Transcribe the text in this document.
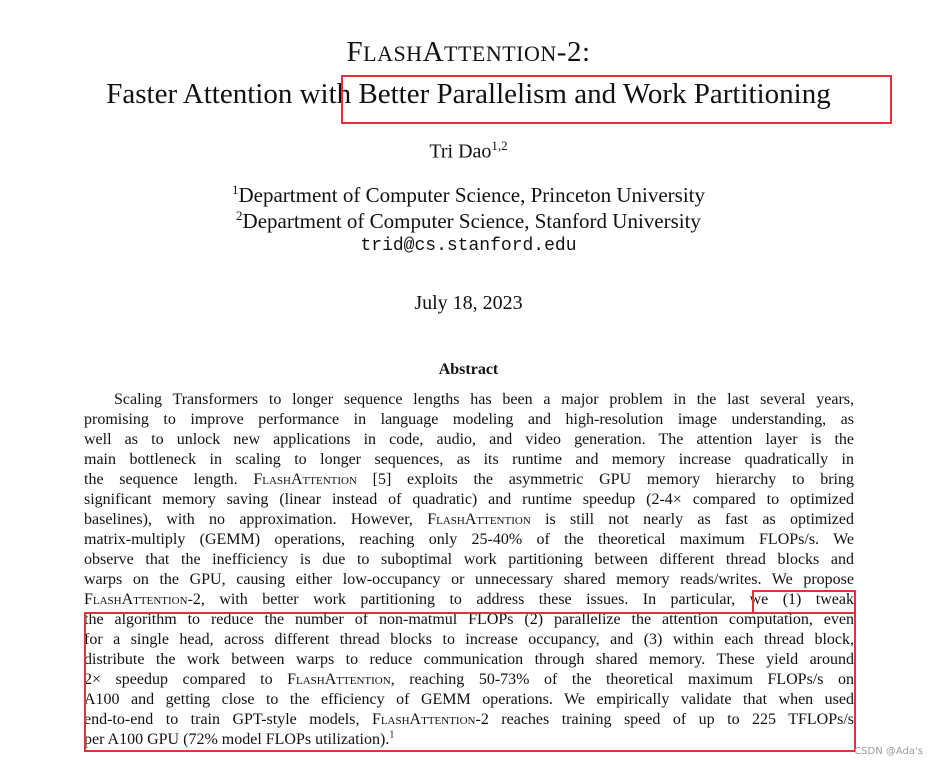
FLASHATTENTION-2:
Faster Attention with Better Parallelism and Work Partitioning
Tri Dao$^{1,2}$
$^1$Department of Computer Science, Princeton University
$^2$Department of Computer Science, Stanford University
trid@cs.stanford.edu
July 18, 2023
Abstract
Scaling Transformers to longer sequence lengths has been a major problem in the last several years,
promising to improve performance in language modeling and high-resolution image understanding, as
well as to unlock new applications in code, audio, and video generation. The attention layer is the
main bottleneck in scaling to longer sequences, as its runtime and memory increase quadratically in
the sequence length. FlashAttention [5] exploits the asymmetric GPU memory hierarchy to bring
significant memory saving (linear instead of quadratic) and runtime speedup (2-4× compared to optimized
baselines), with no approximation. However, FlashAttention is still not nearly as fast as optimized
matrix-multiply (GEMM) operations, reaching only 25-40% of the theoretical maximum FLOPs/s. We
observe that the inefficiency is due to suboptimal work partitioning between different thread blocks and
warps on the GPU, causing either low-occupancy or unnecessary shared memory reads/writes. We propose
FlashAttention-2, with better work partitioning to address these issues. In particular, we (1) tweak
the algorithm to reduce the number of non-matmul FLOPs (2) parallelize the attention computation, even
for a single head, across different thread blocks to increase occupancy, and (3) within each thread block,
distribute the work between warps to reduce communication through shared memory. These yield around
2× speedup compared to FlashAttention, reaching 50-73% of the theoretical maximum FLOPs/s on
A100 and getting close to the efficiency of GEMM operations. We empirically validate that when used
end-to-end to train GPT-style models, FlashAttention-2 reaches training speed of up to 225 TFLOPs/s
per A100 GPU (72% model FLOPs utilization).$^1$
CSDN @Ada's
